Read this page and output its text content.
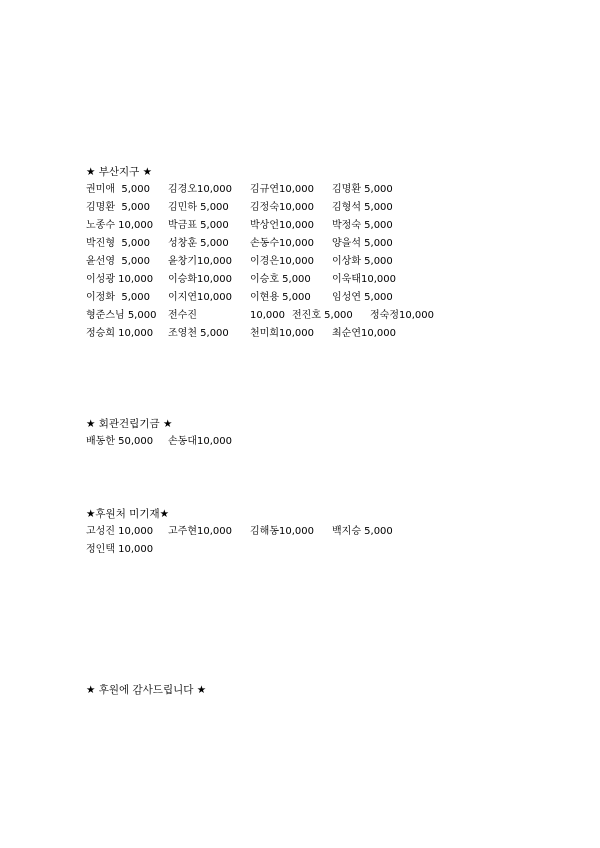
★ 부산지구 ★
권미애  5,000 김경오10,000 김규연10,000 김명환 5,000
김명환  5,000 김민하 5,000 김정숙10,000 김형석 5,000
노종수 10,000 박금표 5,000 박상언10,000 박정숙 5,000
박진형  5,000 성창훈 5,000 손동수10,000 양을석 5,000
윤선영  5,000 윤창기10,000 이경은10,000 이상화 5,000
이성광 10,000 이승화10,000 이승호 5,000 이욱태10,000
이정화  5,000 이지연10,000 이현용 5,000 임성연 5,000
형준스님 5,000 전수진	10,000 전진호 5,000 정숙정10,000
정승희 10,000 조영천 5,000 천미희10,000 최순연10,000
★ 회관건립기금 ★
배동한 50,000 손동대10,000
★후원처 미기재★
고성진 10,000 고주현10,000 김해동10,000 백지승 5,000
정인택 10,000
★ 후원에 감사드립니다 ★
